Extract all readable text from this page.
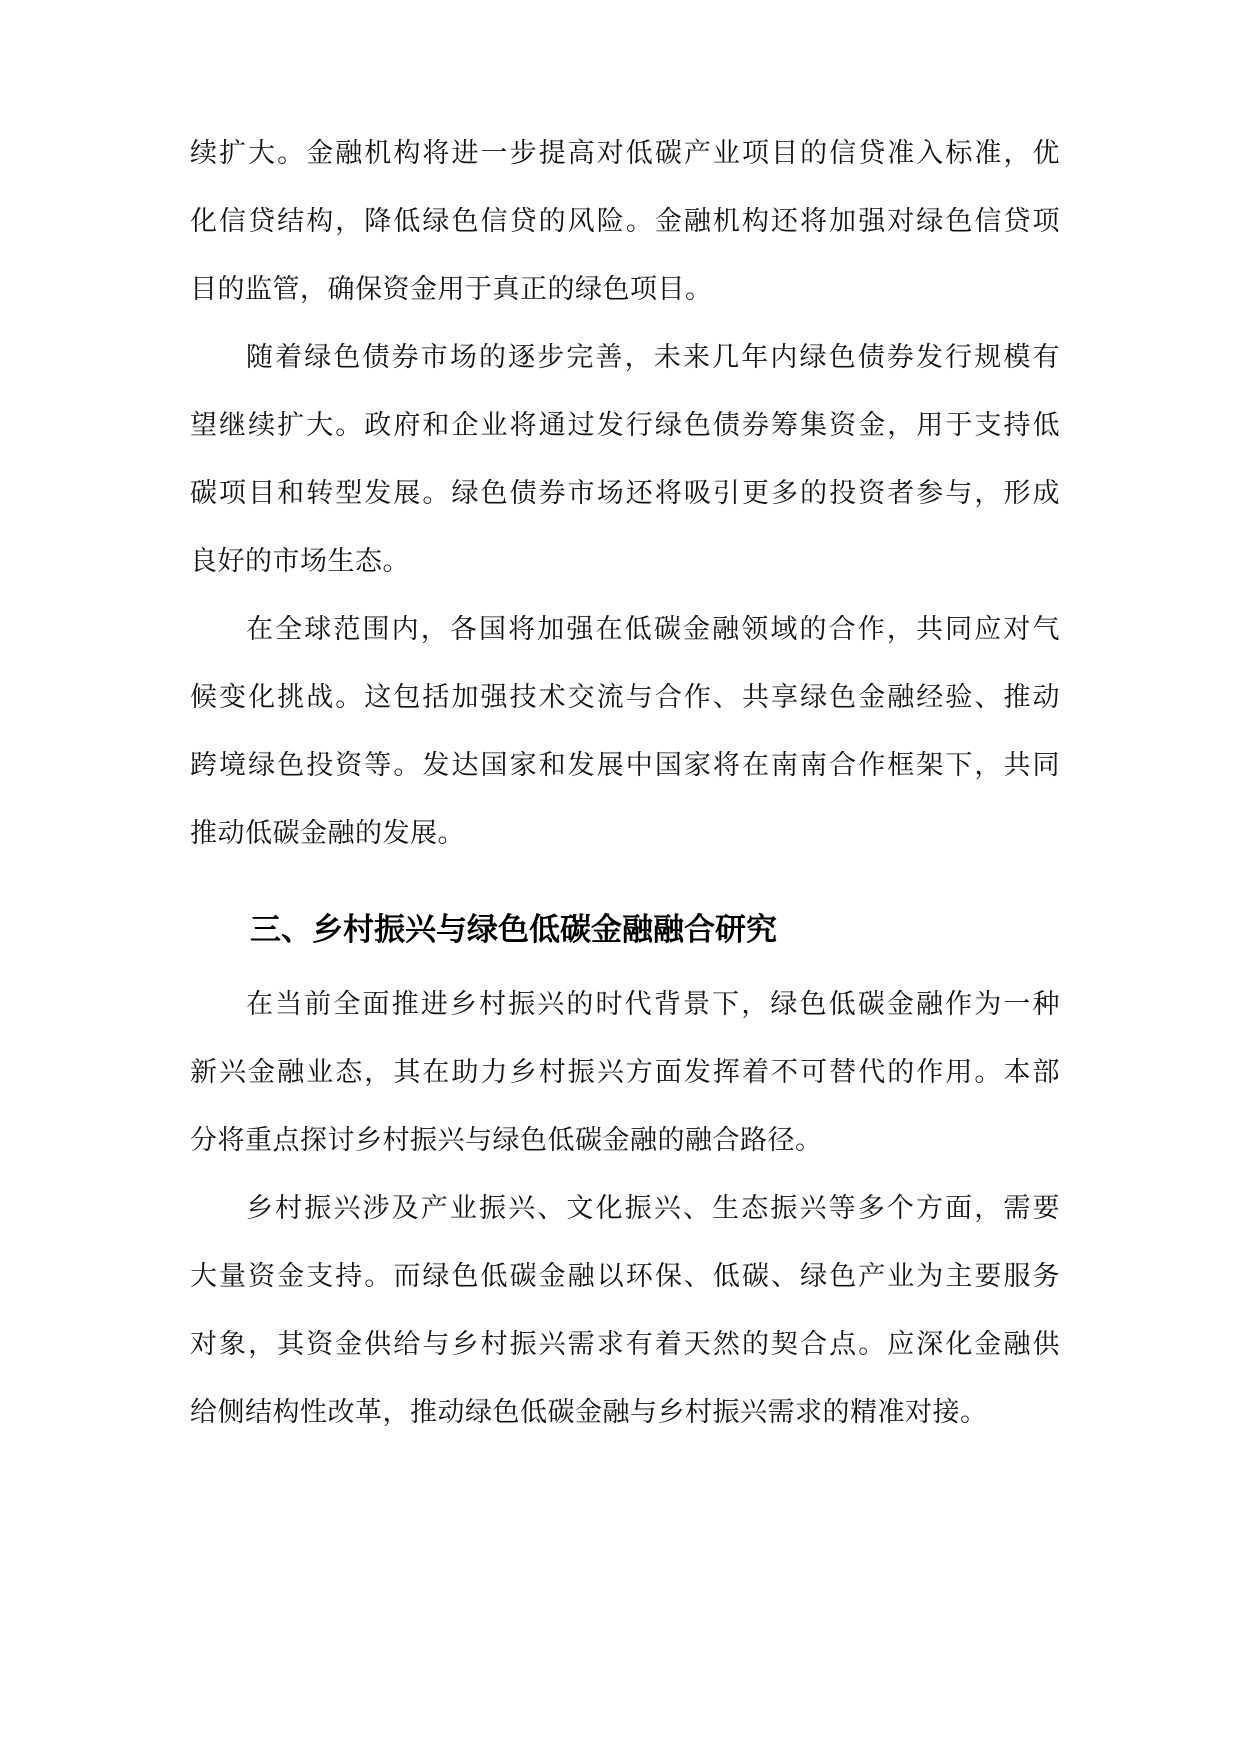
续扩大。金融机构将进一步提高对低碳产业项目的信贷准入标准，优
化信贷结构，降低绿色信贷的风险。金融机构还将加强对绿色信贷项
目的监管，确保资金用于真正的绿色项目。
随着绿色债券市场的逐步完善，未来几年内绿色债券发行规模有
望继续扩大。政府和企业将通过发行绿色债券筹集资金，用于支持低
碳项目和转型发展。绿色债券市场还将吸引更多的投资者参与，形成
良好的市场生态。
在全球范围内，各国将加强在低碳金融领域的合作，共同应对气
候变化挑战。这包括加强技术交流与合作、共享绿色金融经验、推动
跨境绿色投资等。发达国家和发展中国家将在南南合作框架下，共同
推动低碳金融的发展。
三、乡村振兴与绿色低碳金融融合研究
在当前全面推进乡村振兴的时代背景下，绿色低碳金融作为一种
新兴金融业态，其在助力乡村振兴方面发挥着不可替代的作用。本部
分将重点探讨乡村振兴与绿色低碳金融的融合路径。
乡村振兴涉及产业振兴、文化振兴、生态振兴等多个方面，需要
大量资金支持。而绿色低碳金融以环保、低碳、绿色产业为主要服务
对象，其资金供给与乡村振兴需求有着天然的契合点。应深化金融供
给侧结构性改革，推动绿色低碳金融与乡村振兴需求的精准对接。
